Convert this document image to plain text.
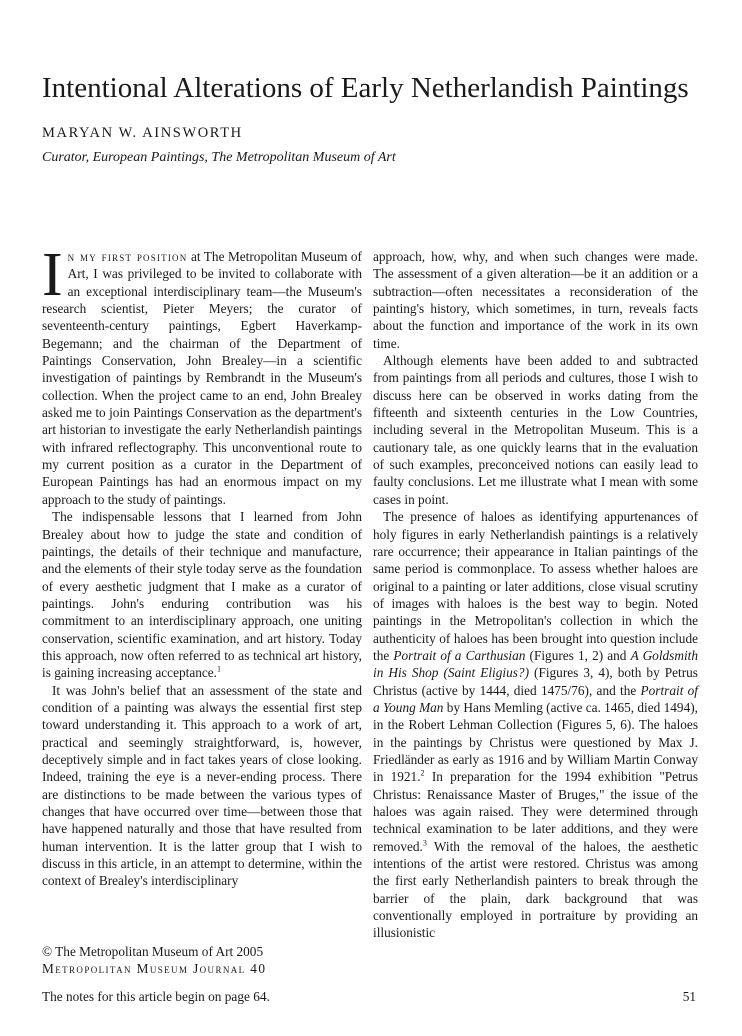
Intentional Alterations of Early Netherlandish Paintings
MARYAN W. AINSWORTH
Curator, European Paintings, The Metropolitan Museum of Art

In my first position at The Metropolitan Museum of Art, I was privileged to be invited to collaborate with an exceptional interdisciplinary team—the Museum's research scientist, Pieter Meyers; the curator of seventeenth-century paintings, Egbert Haverkamp-Begemann; and the chairman of the Department of Paintings Conservation, John Brealey—in a scientific investigation of paintings by Rembrandt in the Museum's collection. When the project came to an end, John Brealey asked me to join Paintings Conservation as the department's art historian to investigate the early Netherlandish paintings with infrared reflectography. This unconventional route to my current position as a curator in the Department of European Paintings has had an enormous impact on my approach to the study of paintings.

The indispensable lessons that I learned from John Brealey about how to judge the state and condition of paintings, the details of their technique and manufacture, and the elements of their style today serve as the foundation of every aesthetic judgment that I make as a curator of paintings. John's enduring contribution was his commitment to an interdisciplinary approach, one uniting conservation, scientific examination, and art history. Today this approach, now often referred to as technical art history, is gaining increasing acceptance.$^1$

It was John's belief that an assessment of the state and condition of a painting was always the essential first step toward understanding it. This approach to a work of art, practical and seemingly straightforward, is, however, deceptively simple and in fact takes years of close looking. Indeed, training the eye is a never-ending process. There are distinctions to be made between the various types of changes that have occurred over time—between those that have happened naturally and those that have resulted from human intervention. It is the latter group that I wish to discuss in this article, in an attempt to determine, within the context of Brealey's interdisciplinary

approach, how, why, and when such changes were made. The assessment of a given alteration—be it an addition or a subtraction—often necessitates a reconsideration of the painting's history, which sometimes, in turn, reveals facts about the function and importance of the work in its own time.

Although elements have been added to and subtracted from paintings from all periods and cultures, those I wish to discuss here can be observed in works dating from the fifteenth and sixteenth centuries in the Low Countries, including several in the Metropolitan Museum. This is a cautionary tale, as one quickly learns that in the evaluation of such examples, preconceived notions can easily lead to faulty conclusions. Let me illustrate what I mean with some cases in point.

The presence of haloes as identifying appurtenances of holy figures in early Netherlandish paintings is a relatively rare occurrence; their appearance in Italian paintings of the same period is commonplace. To assess whether haloes are original to a painting or later additions, close visual scrutiny of images with haloes is the best way to begin. Noted paintings in the Metropolitan's collection in which the authenticity of haloes has been brought into question include the Portrait of a Carthusian (Figures 1, 2) and A Goldsmith in His Shop (Saint Eligius?) (Figures 3, 4), both by Petrus Christus (active by 1444, died 1475/76), and the Portrait of a Young Man by Hans Memling (active ca. 1465, died 1494), in the Robert Lehman Collection (Figures 5, 6). The haloes in the paintings by Christus were questioned by Max J. Friedländer as early as 1916 and by William Martin Conway in 1921.$^2$ In preparation for the 1994 exhibition "Petrus Christus: Renaissance Master of Bruges," the issue of the haloes was again raised. They were determined through technical examination to be later additions, and they were removed.$^3$ With the removal of the haloes, the aesthetic intentions of the artist were restored. Christus was among the first early Netherlandish painters to break through the barrier of the plain, dark background that was conventionally employed in portraiture by providing an illusionistic

© The Metropolitan Museum of Art 2005
Metropolitan Museum Journal 40
The notes for this article begin on page 64.	51
